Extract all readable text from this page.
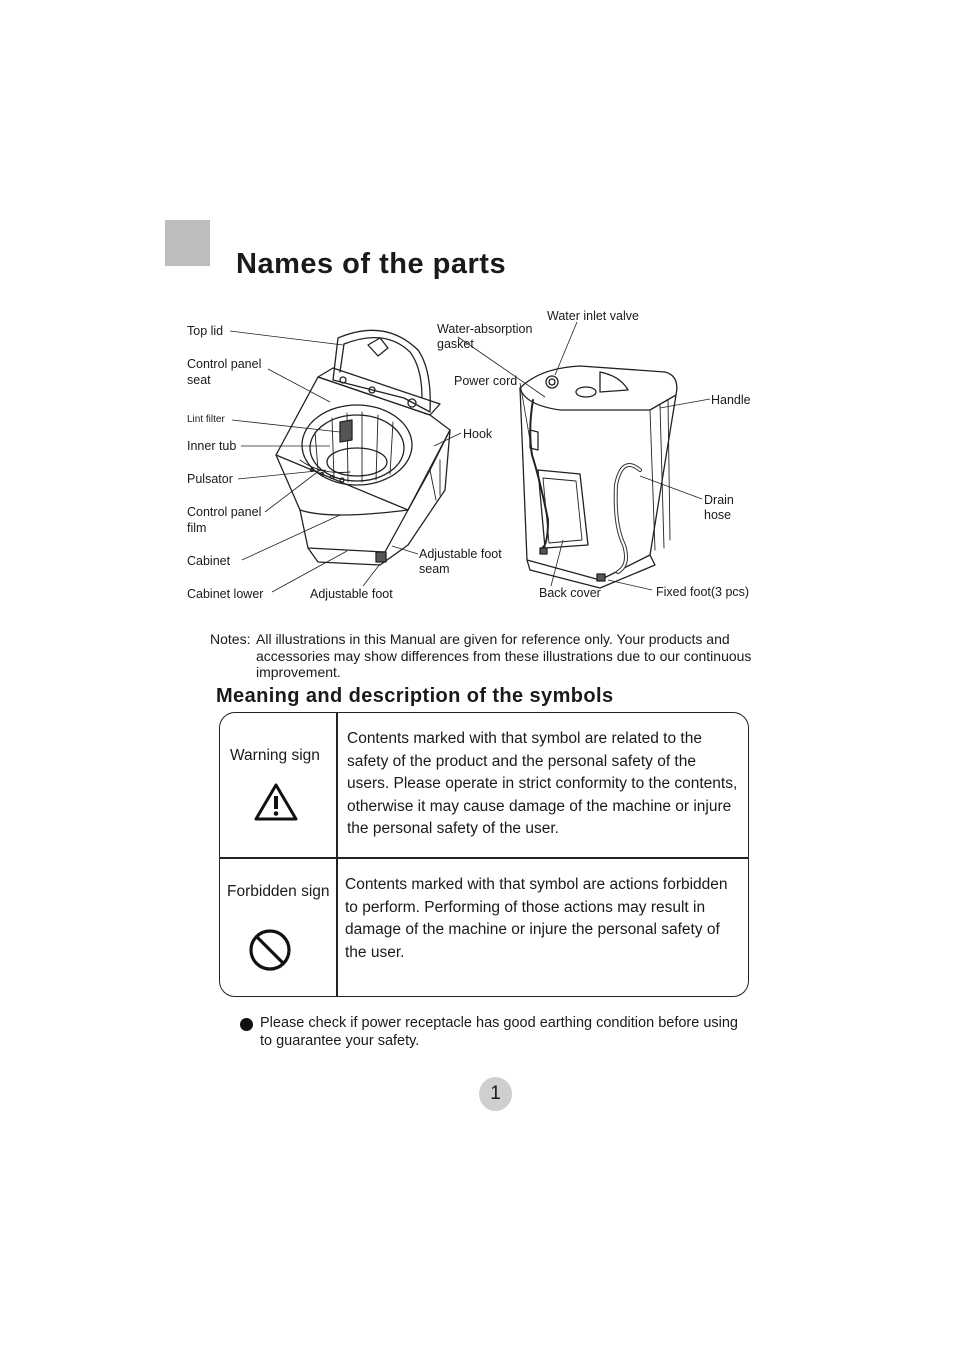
Names of the parts
Top lid
Control panel
seat
Lint filter
Inner tub
Pulsator
Control panel
film
Cabinet
Cabinet lower	Adjustable foot
Adjustable foot
seam
Water-absorption
gasket
Water inlet valve
Power cord
Handle
Hook
Drain
hose
Back cover	Fixed foot(3 pcs)
Notes: All illustrations in this Manual are given for reference only. Your products and accessories may show differences from these illustrations due to our continuous improvement.
Meaning and description of the symbols
Warning sign
Contents marked with that symbol are related to the safety of the product and the personal safety of the users. Please operate in strict conformity to the contents, otherwise it may cause damage of the machine or injure the personal safety of the user.
Forbidden sign Contents marked with that symbol are actions forbidden to perform. Performing of those actions may result in damage of the machine or injure the personal safety of the user.
Please check if power receptacle has good earthing condition before using to guarantee your safety.
1
